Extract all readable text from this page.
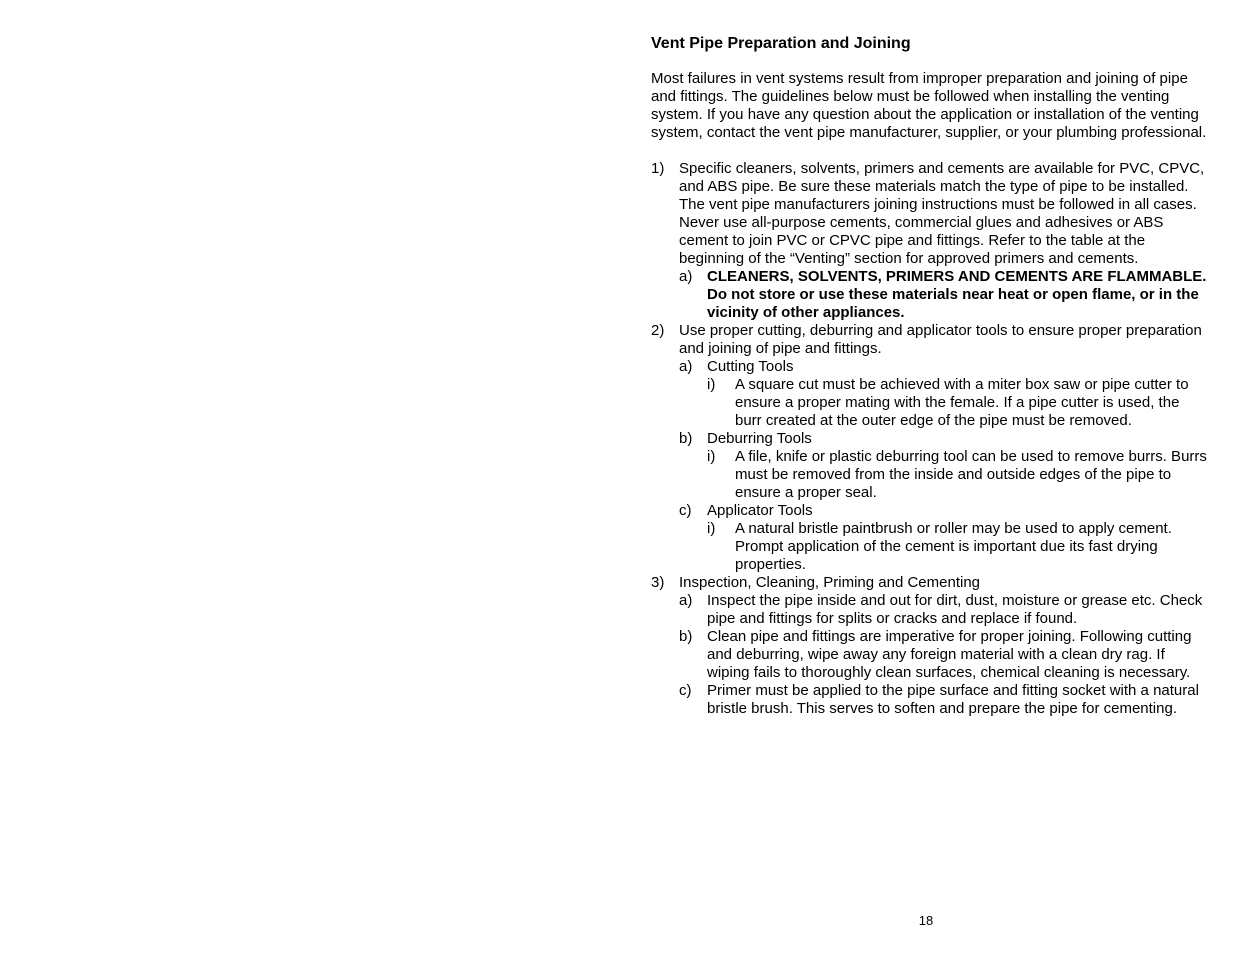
Vent Pipe Preparation and Joining

Most failures in vent systems result from improper preparation and joining of pipe and fittings. The guidelines below must be followed when installing the venting system. If you have any question about the application or installation of the venting system, contact the vent pipe manufacturer, supplier, or your plumbing professional.

1) Specific cleaners, solvents, primers and cements are available for PVC, CPVC, and ABS pipe. Be sure these materials match the type of pipe to be installed. The vent pipe manufacturers joining instructions must be followed in all cases. Never use all-purpose cements, commercial glues and adhesives or ABS cement to join PVC or CPVC pipe and fittings. Refer to the table at the beginning of the “Venting” section for approved primers and cements.
a) CLEANERS, SOLVENTS, PRIMERS AND CEMENTS ARE FLAMMABLE. Do not store or use these materials near heat or open flame, or in the vicinity of other appliances.
2) Use proper cutting, deburring and applicator tools to ensure proper preparation and joining of pipe and fittings.
a) Cutting Tools
i) A square cut must be achieved with a miter box saw or pipe cutter to ensure a proper mating with the female. If a pipe cutter is used, the burr created at the outer edge of the pipe must be removed.
b) Deburring Tools
i) A file, knife or plastic deburring tool can be used to remove burrs. Burrs must be removed from the inside and outside edges of the pipe to ensure a proper seal.
c) Applicator Tools
i) A natural bristle paintbrush or roller may be used to apply cement. Prompt application of the cement is important due its fast drying properties.
3) Inspection, Cleaning, Priming and Cementing
a) Inspect the pipe inside and out for dirt, dust, moisture or grease etc. Check pipe and fittings for splits or cracks and replace if found.
b) Clean pipe and fittings are imperative for proper joining. Following cutting and deburring, wipe away any foreign material with a clean dry rag. If wiping fails to thoroughly clean surfaces, chemical cleaning is necessary.
c) Primer must be applied to the pipe surface and fitting socket with a natural bristle brush. This serves to soften and prepare the pipe for cementing.
18
